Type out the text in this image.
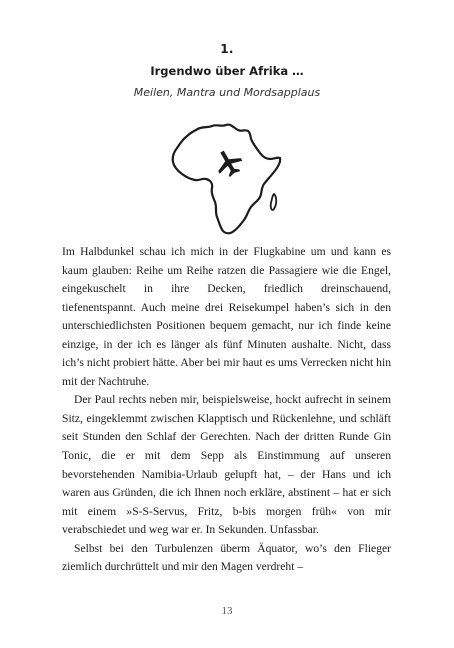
1.
Irgendwo über Afrika …
Meilen, Mantra und Mordsapplaus

Im Halbdunkel schau ich mich in der Flugkabine um und kann es kaum glauben: Reihe um Reihe ratzen die Passagiere wie die Engel, eingekuschelt in ihre Decken, friedlich dreinschauend, tiefenentspannt. Auch meine drei Reisekumpel haben’s sich in den unterschiedlichsten Positionen bequem gemacht, nur ich finde keine einzige, in der ich es länger als fünf Minuten aushalte. Nicht, dass ich’s nicht probiert hätte. Aber bei mir haut es ums Verrecken nicht hin mit der Nachtruhe.

Der Paul rechts neben mir, beispielsweise, hockt aufrecht in seinem Sitz, eingeklemmt zwischen Klapptisch und Rückenlehne, und schläft seit Stunden den Schlaf der Gerechten. Nach der dritten Runde Gin Tonic, die er mit dem Sepp als Einstimmung auf unseren bevorstehenden Namibia-Urlaub gelupft hat, – der Hans und ich waren aus Gründen, die ich Ihnen noch erkläre, abstinent – hat er sich mit einem »S-S-Servus, Fritz, b-bis morgen früh« von mir verabschiedet und weg war er. In Sekunden. Unfassbar.

Selbst bei den Turbulenzen überm Äquator, wo’s den Flieger ziemlich durchrüttelt und mir den Magen verdreht –

13
